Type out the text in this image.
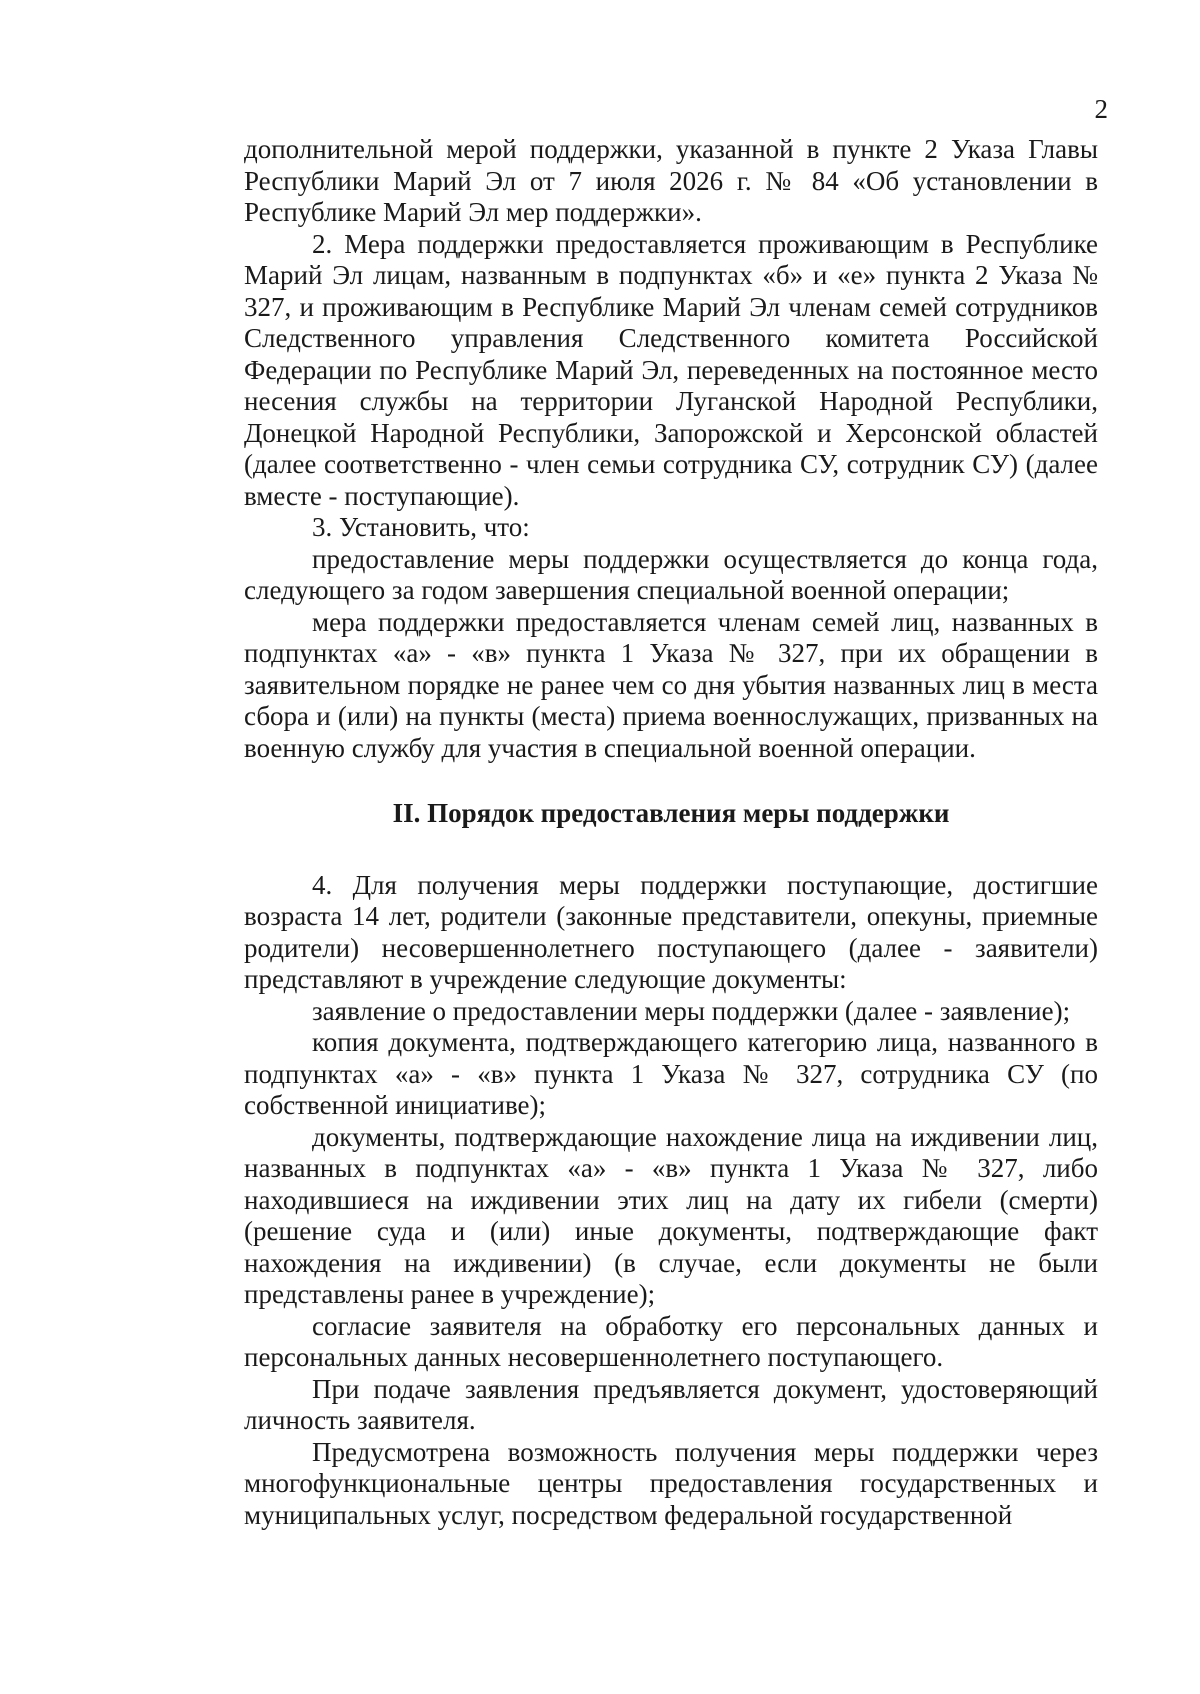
2

дополнительной мерой поддержки, указанной в пункте 2 Указа Главы Республики Марий Эл от 7 июля 2026 г. № 84 «Об установлении в Республике Марий Эл мер поддержки».

2. Мера поддержки предоставляется проживающим в Республике Марий Эл лицам, названным в подпунктах «б» и «е» пункта 2 Указа № 327, и проживающим в Республике Марий Эл членам семей сотрудников Следственного управления Следственного комитета Российской Федерации по Республике Марий Эл, переведенных на постоянное место несения службы на территории Луганской Народной Республики, Донецкой Народной Республики, Запорожской и Херсонской областей (далее соответственно - член семьи сотрудника СУ, сотрудник СУ) (далее вместе - поступающие).

3. Установить, что:

предоставление меры поддержки осуществляется до конца года, следующего за годом завершения специальной военной операции;

мера поддержки предоставляется членам семей лиц, названных в подпунктах «а» - «в» пункта 1 Указа № 327, при их обращении в заявительном порядке не ранее чем со дня убытия названных лиц в места сбора и (или) на пункты (места) приема военнослужащих, призванных на военную службу для участия в специальной военной операции.

II. Порядок предоставления меры поддержки

4. Для получения меры поддержки поступающие, достигшие возраста 14 лет, родители (законные представители, опекуны, приемные родители) несовершеннолетнего поступающего (далее - заявители) представляют в учреждение следующие документы:

заявление о предоставлении меры поддержки (далее - заявление);

копия документа, подтверждающего категорию лица, названного в подпунктах «а» - «в» пункта 1 Указа № 327, сотрудника СУ (по собственной инициативе);

документы, подтверждающие нахождение лица на иждивении лиц, названных в подпунктах «а» - «в» пункта 1 Указа № 327, либо находившиеся на иждивении этих лиц на дату их гибели (смерти) (решение суда и (или) иные документы, подтверждающие факт нахождения на иждивении) (в случае, если документы не были представлены ранее в учреждение);

согласие заявителя на обработку его персональных данных и персональных данных несовершеннолетнего поступающего.

При подаче заявления предъявляется документ, удостоверяющий личность заявителя.

Предусмотрена возможность получения меры поддержки через многофункциональные центры предоставления государственных и муниципальных услуг, посредством федеральной государственной
